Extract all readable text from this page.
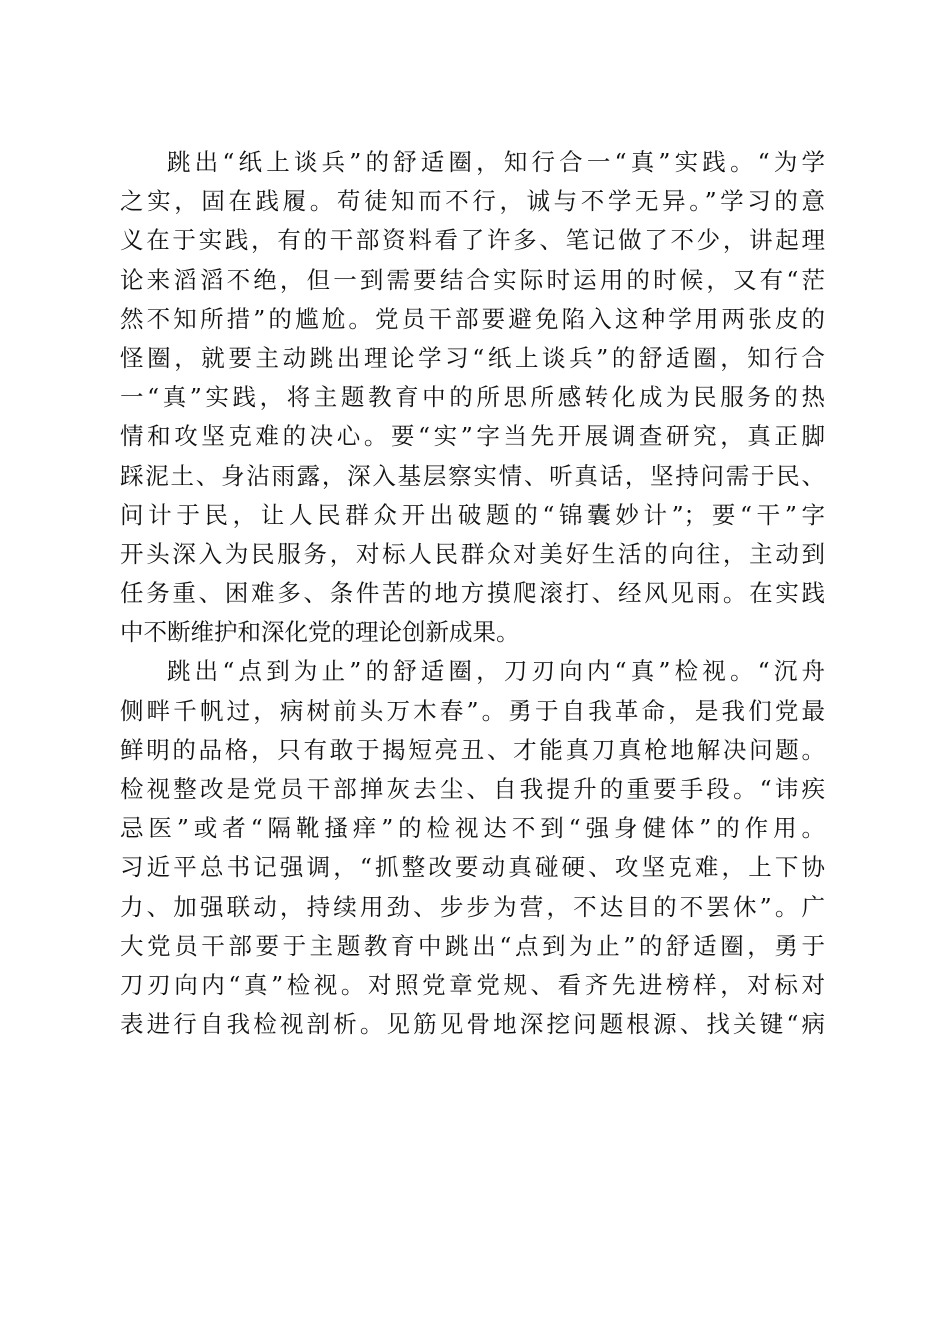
跳出“纸上谈兵”的舒适圈，知行合一“真”实践。“为学
之实，固在践履。苟徒知而不行，诚与不学无异。”学习的意
义在于实践，有的干部资料看了许多、笔记做了不少，讲起理
论来滔滔不绝，但一到需要结合实际时运用的时候，又有“茫
然不知所措”的尴尬。党员干部要避免陷入这种学用两张皮的
怪圈，就要主动跳出理论学习“纸上谈兵”的舒适圈，知行合
一“真”实践，将主题教育中的所思所感转化成为民服务的热
情和攻坚克难的决心。要“实”字当先开展调查研究，真正脚
踩泥土、身沾雨露，深入基层察实情、听真话，坚持问需于民、
问计于民，让人民群众开出破题的“锦囊妙计”；要“干”字
开头深入为民服务，对标人民群众对美好生活的向往，主动到
任务重、困难多、条件苦的地方摸爬滚打、经风见雨。在实践
中不断维护和深化党的理论创新成果。
跳出“点到为止”的舒适圈，刀刃向内“真”检视。“沉舟
侧畔千帆过，病树前头万木春”。勇于自我革命，是我们党最
鲜明的品格，只有敢于揭短亮丑、才能真刀真枪地解决问题。
检视整改是党员干部掸灰去尘、自我提升的重要手段。“讳疾
忌医”或者“隔靴搔痒”的检视达不到“强身健体”的作用。
习近平总书记强调，“抓整改要动真碰硬、攻坚克难，上下协
力、加强联动，持续用劲、步步为营，不达目的不罢休”。广
大党员干部要于主题教育中跳出“点到为止”的舒适圈，勇于
刀刃向内“真”检视。对照党章党规、看齐先进榜样，对标对
表进行自我检视剖析。见筋见骨地深挖问题根源、找关键“病
